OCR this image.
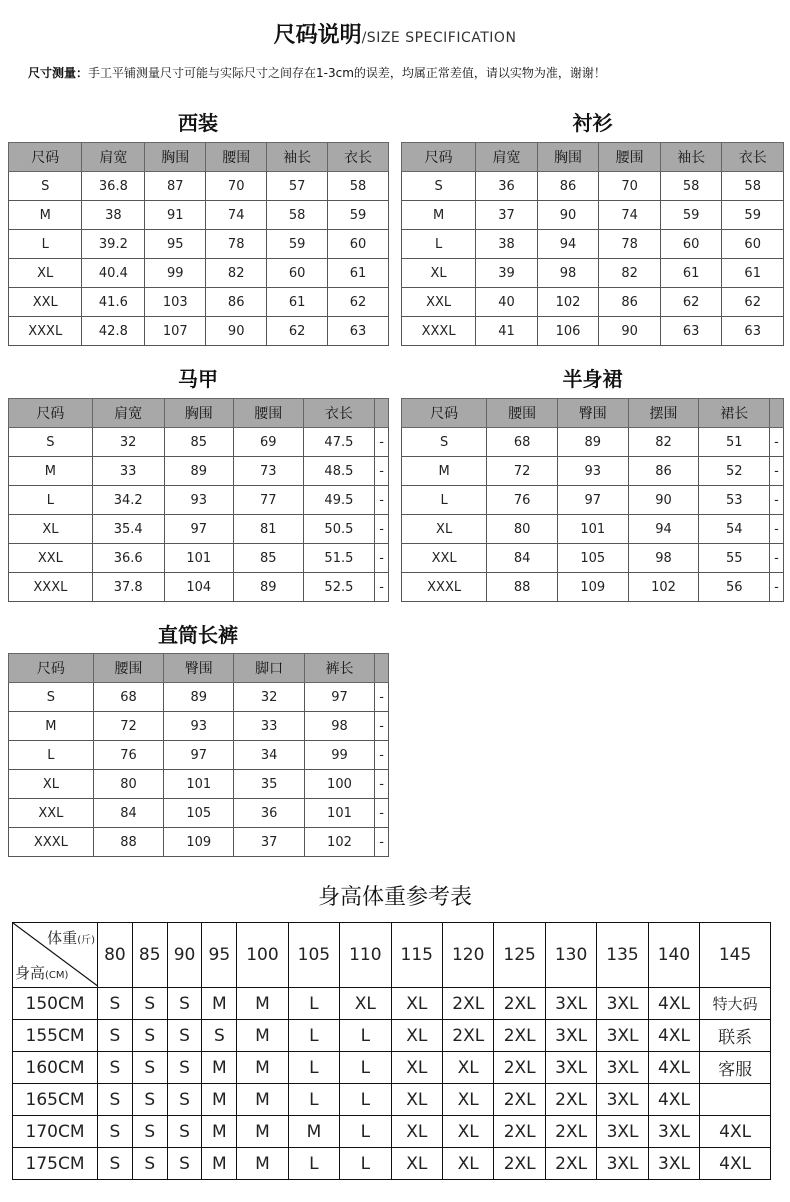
尺码说明/SIZE SPECIFICATION
尺寸测量：手工平铺测量尺寸可能与实际尺寸之间存在1-3cm的误差，均属正常差值，请以实物为准，谢谢！
西装	衬衫
马甲	半身裙
直筒长裤
尺码	肩宽	胸围	腰围	袖长	衣长
S	36.8	87	70	57	58
M	38	91	74	58	59
L	39.2	95	78	59	60
XL	40.4	99	82	60	61
XXL	41.6	103	86	61	62
XXXL	42.8	107	90	62	63
尺码	肩宽	胸围	腰围	袖长	衣长
S	36	86	70	58	58
M	37	90	74	59	59
L	38	94	78	60	60
XL	39	98	82	61	61
XXL	40	102	86	62	62
XXXL	41	106	90	63	63
尺码	肩宽	胸围	腰围	衣长	
S	32	85	69	47.5	-
M	33	89	73	48.5	-
L	34.2	93	77	49.5	-
XL	35.4	97	81	50.5	-
XXL	36.6	101	85	51.5	-
XXXL	37.8	104	89	52.5	-
尺码	腰围	臀围	摆围	裙长	
S	68	89	82	51	-
M	72	93	86	52	-
L	76	97	90	53	-
XL	80	101	94	54	-
XXL	84	105	98	55	-
XXXL	88	109	102	56	-
尺码	腰围	臀围	脚口	裤长	
S	68	89	32	97	-
M	72	93	33	98	-
L	76	97	34	99	-
XL	80	101	35	100	-
XXL	84	105	36	101	-
XXXL	88	109	37	102	-
身高体重参考表
体重(斤)
身高(CM)	80	85	90	95	100	105	110	115	120	125	130	135	140	145
150CM	S	S	S	M	M	L	XL	XL	2XL	2XL	3XL	3XL	4XL	特大码
155CM	S	S	S	S	M	L	L	XL	2XL	2XL	3XL	3XL	4XL	联系
160CM	S	S	S	M	M	L	L	XL	XL	2XL	3XL	3XL	4XL	客服
165CM	S	S	S	M	M	L	L	XL	XL	2XL	2XL	3XL	4XL	
170CM	S	S	S	M	M	M	L	XL	XL	2XL	2XL	3XL	3XL	4XL
175CM	S	S	S	M	M	L	L	XL	XL	2XL	2XL	3XL	3XL	4XL
